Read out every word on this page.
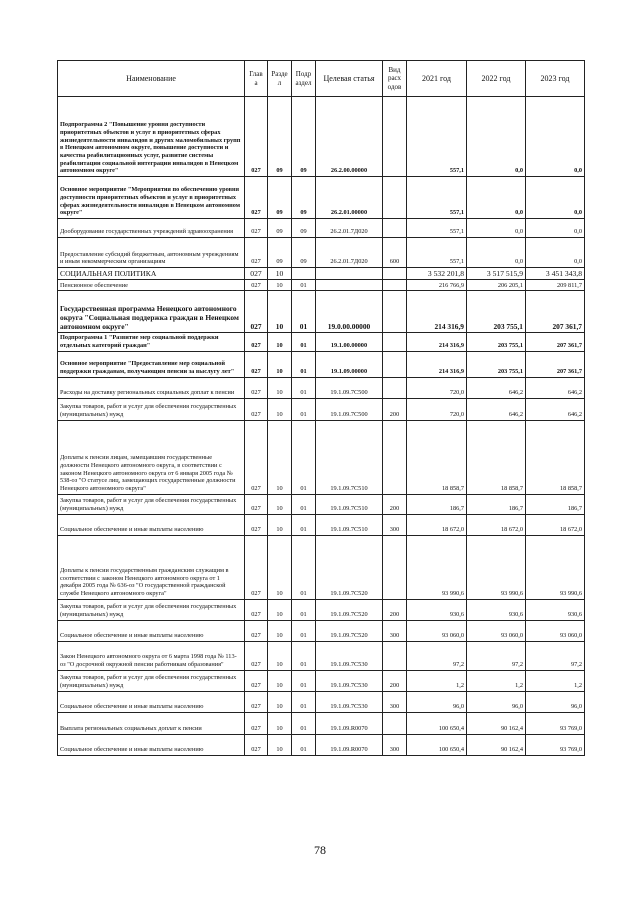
Наименование	Глав а	Разде л	Подр аздел	Целевая статья	Вид расх одов	2021 год	2022 год	2023 год
Подпрограмма 2 "Повышение уровня доступности приоритетных объектов и услуг в приоритетных сферах жизнедеятельности инвалидов и других маломобильных групп в Ненецком автономном округе, повышение доступности и качества реабилитационных услуг, развитие системы реабилитации социальной интеграции инвалидов в Ненецком автономном округе"	027	09	09	26.2.00.00000		557,1	0,0	0,0
Основное мероприятие "Мероприятия по обеспечению уровня доступности приоритетных объектов и услуг в приоритетных сферах жизнедеятельности инвалидов в Ненецком автономном округе"	027	09	09	26.2.01.00000		557,1	0,0	0,0
Дооборудование государственных учреждений здравоохранения	027	09	09	26.2.01.7Д020		557,1	0,0	0,0
Предоставление субсидий бюджетным, автономным учреждениям и иным некоммерческим организациям	027	09	09	26.2.01.7Д020	600	557,1	0,0	0,0
СОЦИАЛЬНАЯ ПОЛИТИКА	027	10				3 532 201,8	3 517 515,9	3 451 343,8
Пенсионное обеспечение	027	10	01			216 766,9	206 205,1	209 811,7
Государственная программа Ненецкого автономного округа "Социальная поддержка граждан в Ненецком автономном округе"	027	10	01	19.0.00.00000		214 316,9	203 755,1	207 361,7
Подпрограмма 1 "Развитие мер социальной поддержки отдельных категорий граждан"	027	10	01	19.1.00.00000		214 316,9	203 755,1	207 361,7
Основное мероприятие "Предоставление мер социальной поддержки гражданам, получающим пенсии за выслугу лет"	027	10	01	19.1.09.00000		214 316,9	203 755,1	207 361,7
Расходы на доставку региональных социальных доплат к пенсии	027	10	01	19.1.09.7С500		720,0	646,2	646,2
Закупка товаров, работ и услуг для обеспечения государственных (муниципальных) нужд	027	10	01	19.1.09.7С500	200	720,0	646,2	646,2
Доплаты к пенсии лицам, замещавшим государственные должности Ненецкого автономного округа, в соответствии с законом Ненецкого автономного округа от 6 января 2005 года № 538-оз "О статусе лиц, замещающих государственные должности Ненецкого автономного округа"	027	10	01	19.1.09.7С510		18 858,7	18 858,7	18 858,7
Закупка товаров, работ и услуг для обеспечения государственных (муниципальных) нужд	027	10	01	19.1.09.7С510	200	186,7	186,7	186,7
Социальное обеспечение и иные выплаты населению	027	10	01	19.1.09.7С510	300	18 672,0	18 672,0	18 672,0
Доплаты к пенсии государственным гражданским служащим в соответствии с законом Ненецкого автономного округа от 1 декабря 2005 года № 636-оз "О государственной гражданской службе Ненецкого автономного округа"	027	10	01	19.1.09.7С520		93 990,6	93 990,6	93 990,6
Закупка товаров, работ и услуг для обеспечения государственных (муниципальных) нужд	027	10	01	19.1.09.7С520	200	930,6	930,6	930,6
Социальное обеспечение и иные выплаты населению	027	10	01	19.1.09.7С520	300	93 060,0	93 060,0	93 060,0
Закон Ненецкого автономного округа от 6 марта 1998 года № 113-оз "О досрочной окружной пенсии работникам образования"	027	10	01	19.1.09.7С530		97,2	97,2	97,2
Закупка товаров, работ и услуг для обеспечения государственных (муниципальных) нужд	027	10	01	19.1.09.7С530	200	1,2	1,2	1,2
Социальное обеспечение и иные выплаты населению	027	10	01	19.1.09.7С530	300	96,0	96,0	96,0
Выплата региональных социальных доплат к пенсии	027	10	01	19.1.09.R0070		100 650,4	90 162,4	93 769,0
Социальное обеспечение и иные выплаты населению	027	10	01	19.1.09.R0070	300	100 650,4	90 162,4	93 769,0
78
